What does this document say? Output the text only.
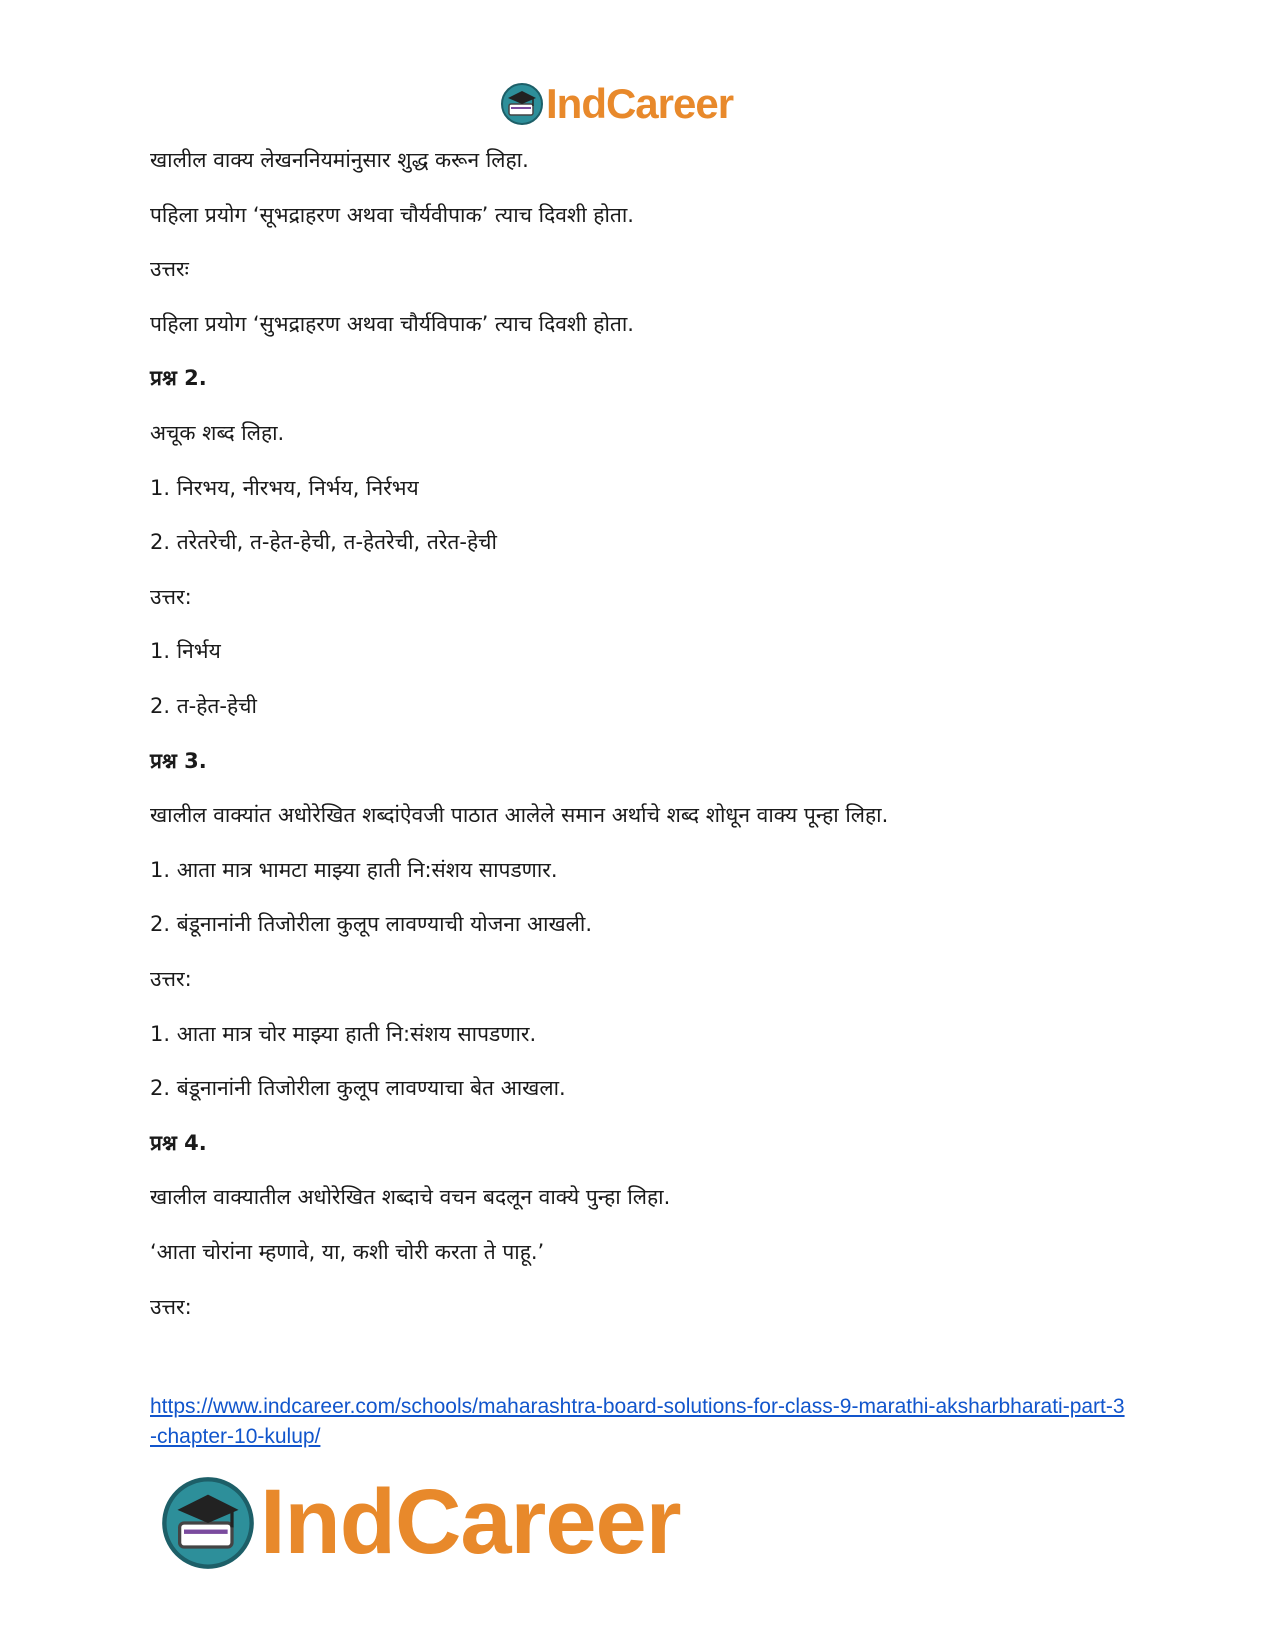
IndCareer
खालील वाक्य लेखननियमांनुसार शुद्ध करून लिहा.
पहिला प्रयोग ‘सूभद्राहरण अथवा चौर्यवीपाक’ त्याच दिवशी होता.
उत्तरः
पहिला प्रयोग ‘सुभद्राहरण अथवा चौर्यविपाक’ त्याच दिवशी होता.
प्रश्न 2.
अचूक शब्द लिहा.
1. निरभय, नीरभय, निर्भय, निर्रभय
2. तरेतरेची, त-हेत-हेची, त-हेतरेची, तरेत-हेची
उत्तर:
1. निर्भय
2. त-हेत-हेची
प्रश्न 3.
खालील वाक्यांत अधोरेखित शब्दांऐवजी पाठात आलेले समान अर्थाचे शब्द शोधून वाक्य पून्हा लिहा.
1. आता मात्र भामटा माझ्या हाती नि:संशय सापडणार.
2. बंडूनानांनी तिजोरीला कुलूप लावण्याची योजना आखली.
उत्तर:
1. आता मात्र चोर माझ्या हाती नि:संशय सापडणार.
2. बंडूनानांनी तिजोरीला कुलूप लावण्याचा बेत आखला.
प्रश्न 4.
खालील वाक्यातील अधोरेखित शब्दाचे वचन बदलून वाक्ये पुन्हा लिहा.
‘आता चोरांना म्हणावे, या, कशी चोरी करता ते पाहू.’
उत्तर:
https://www.indcareer.com/schools/maharashtra-board-solutions-for-class-9-marathi-aksharbharati-part-3-chapter-10-kulup/
IndCareer
